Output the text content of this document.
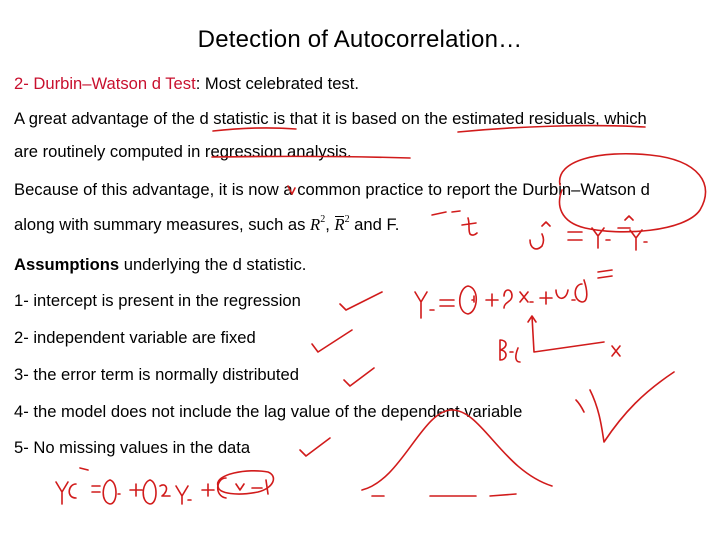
Detection of Autocorrelation…
2- Durbin–Watson d Test: Most celebrated test.
A great advantage of the d statistic is that it is based on the estimated residuals, which
are routinely computed in regression analysis.
Because of this advantage, it is now a common practice to report the Durbin–Watson d
along with summary measures, such as $R^2$, $R^2$ and F.
Assumptions underlying the d statistic.
1- intercept is present in the regression
2- independent variable are fixed
3- the error term is normally distributed
4- the model does not include the lag value of the dependent variable
5- No missing values in the data
